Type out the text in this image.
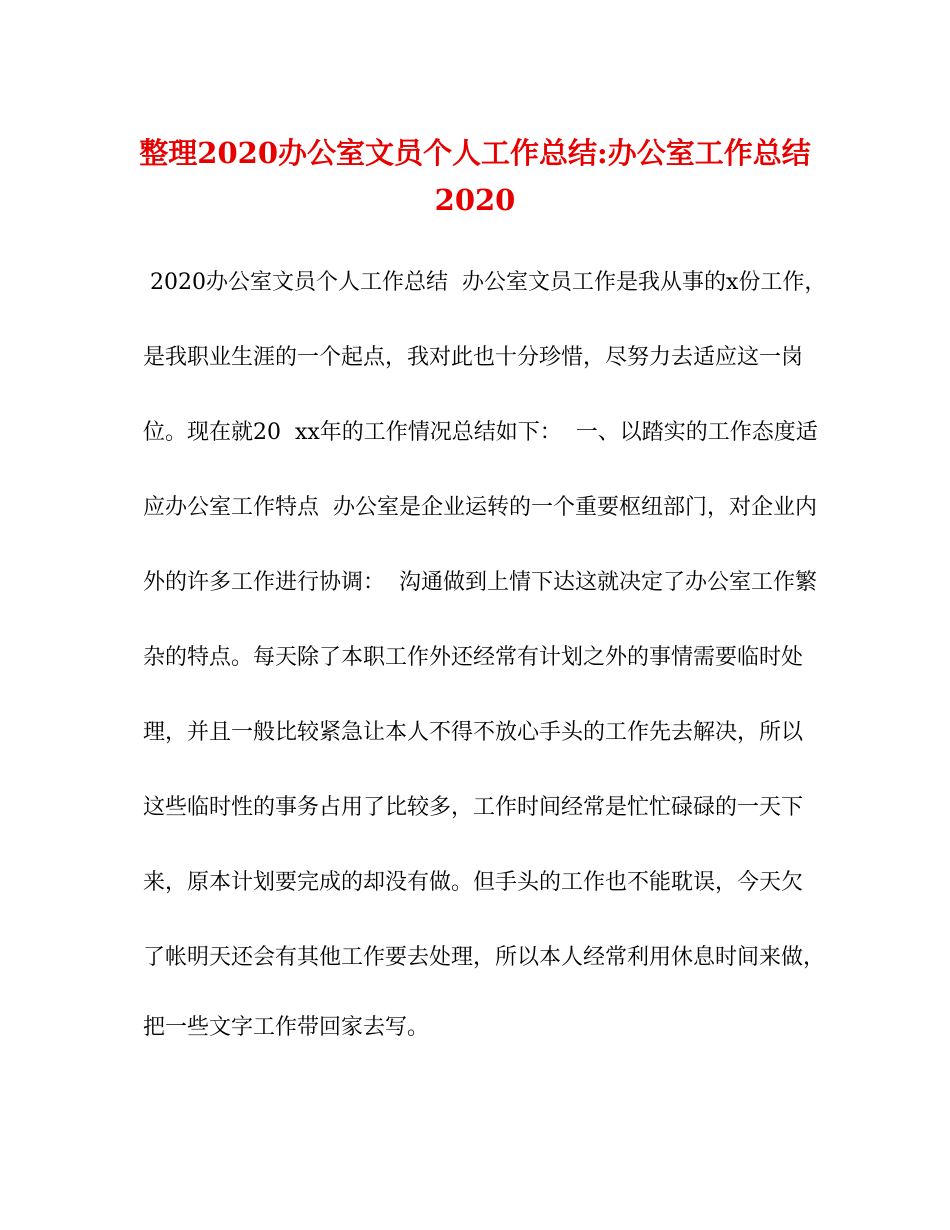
整理2020办公室文员个人工作总结:办公室工作总结
2020
2020办公室文员个人工作总结  办公室文员工作是我从事的x份工作，
是我职业生涯的一个起点，我对此也十分珍惜，尽努力去适应这一岗
位。现在就20  xx年的工作情况总结如下：  一、以踏实的工作态度适
应办公室工作特点  办公室是企业运转的一个重要枢纽部门，对企业内
外的许多工作进行协调：  沟通做到上情下达这就决定了办公室工作繁
杂的特点。每天除了本职工作外还经常有计划之外的事情需要临时处
理，并且一般比较紧急让本人不得不放心手头的工作先去解决，所以
这些临时性的事务占用了比较多，工作时间经常是忙忙碌碌的一天下
来，原本计划要完成的却没有做。但手头的工作也不能耽误，今天欠
了帐明天还会有其他工作要去处理，所以本人经常利用休息时间来做，
把一些文字工作带回家去写。
